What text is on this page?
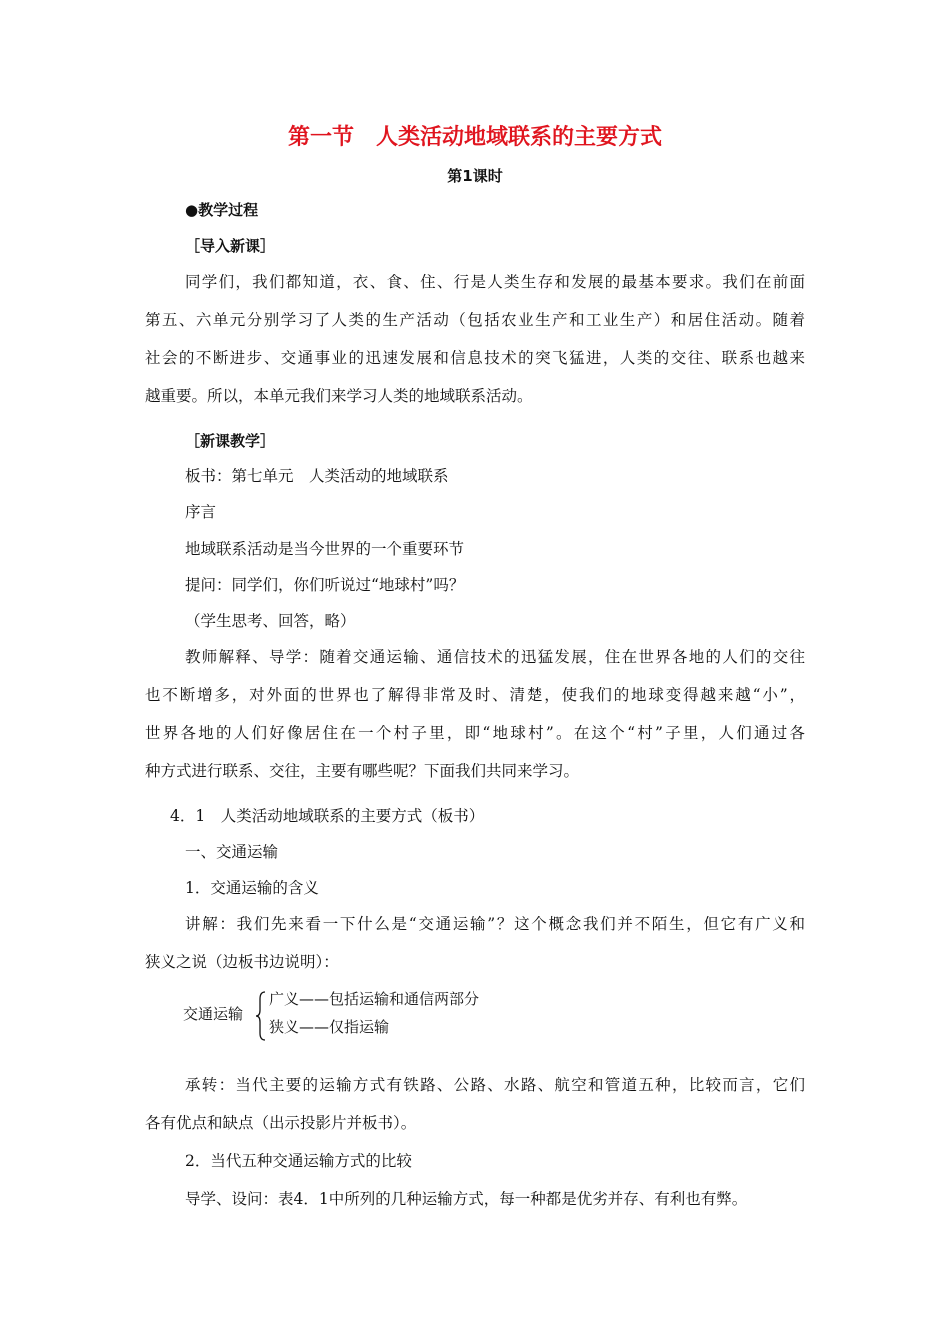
第一节　人类活动地域联系的主要方式
第1课时
●教学过程
［导入新课］
同学们，我们都知道，衣、食、住、行是人类生存和发展的最基本要求。我们在前面
第五、六单元分别学习了人类的生产活动（包括农业生产和工业生产）和居住活动。随着
社会的不断进步、交通事业的迅速发展和信息技术的突飞猛进，人类的交往、联系也越来
越重要。所以，本单元我们来学习人类的地域联系活动。
［新课教学］
板书：第七单元　人类活动的地域联系
序言
地域联系活动是当今世界的一个重要环节
提问：同学们，你们听说过“地球村”吗？
（学生思考、回答，略）
教师解释、导学：随着交通运输、通信技术的迅猛发展，住在世界各地的人们的交往
也不断增多，对外面的世界也了解得非常及时、清楚，使我们的地球变得越来越“小”，
世界各地的人们好像居住在一个村子里，即“地球村”。在这个“村”子里，人们通过各
种方式进行联系、交往，主要有哪些呢？下面我们共同来学习。
4．1　人类活动地域联系的主要方式（板书）
一、交通运输
1．交通运输的含义
讲解：我们先来看一下什么是“交通运输”？这个概念我们并不陌生，但它有广义和
狭义之说（边板书边说明）：
交通运输
广义——包括运输和通信两部分
狭义——仅指运输
承转：当代主要的运输方式有铁路、公路、水路、航空和管道五种，比较而言，它们
各有优点和缺点（出示投影片并板书）。
2．当代五种交通运输方式的比较
导学、设问：表4．1中所列的几种运输方式，每一种都是优劣并存、有利也有弊。
